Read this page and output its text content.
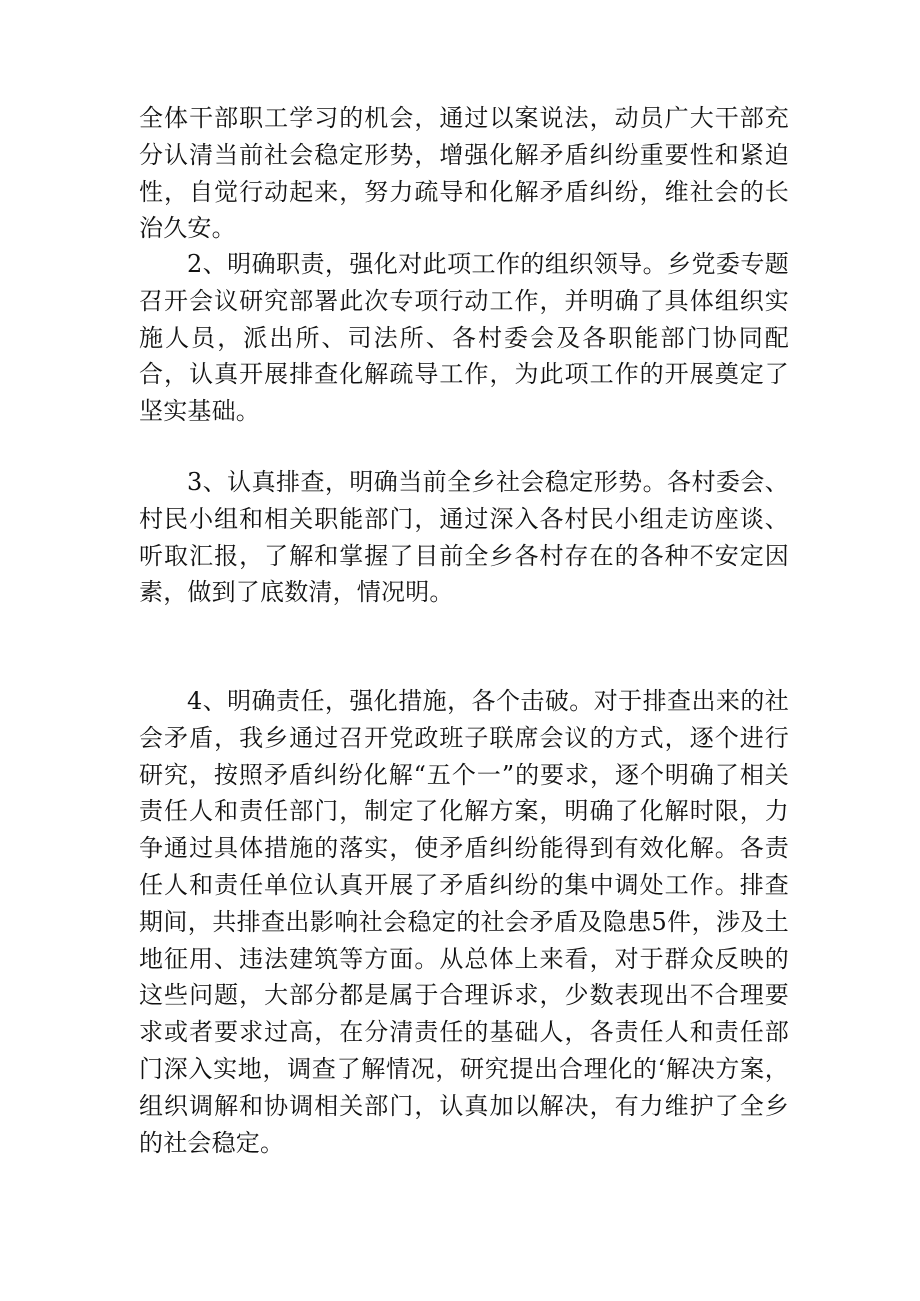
全体干部职工学习的机会，通过以案说法，动员广大干部充分认清当前社会稳定形势，增强化解矛盾纠纷重要性和紧迫性，自觉行动起来，努力疏导和化解矛盾纠纷，维社会的长治久安。

2、明确职责，强化对此项工作的组织领导。乡党委专题召开会议研究部署此次专项行动工作，并明确了具体组织实施人员，派出所、司法所、各村委会及各职能部门协同配合，认真开展排查化解疏导工作，为此项工作的开展奠定了坚实基础。

3、认真排查，明确当前全乡社会稳定形势。各村委会、村民小组和相关职能部门，通过深入各村民小组走访座谈、听取汇报，了解和掌握了目前全乡各村存在的各种不安定因素，做到了底数清，情况明。

4、明确责任，强化措施，各个击破。对于排查出来的社会矛盾，我乡通过召开党政班子联席会议的方式，逐个进行研究，按照矛盾纠纷化解“五个一”的要求，逐个明确了相关责任人和责任部门，制定了化解方案，明确了化解时限，力争通过具体措施的落实，使矛盾纠纷能得到有效化解。各责任人和责任单位认真开展了矛盾纠纷的集中调处工作。排查期间，共排查出影响社会稳定的社会矛盾及隐患5件，涉及土地征用、违法建筑等方面。从总体上来看，对于群众反映的这些问题，大部分都是属于合理诉求，少数表现出不合理要求或者要求过高，在分清责任的基础人，各责任人和责任部门深入实地，调查了解情况，研究提出合理化的‘解决方案，组织调解和协调相关部门，认真加以解决，有力维护了全乡的社会稳定。
